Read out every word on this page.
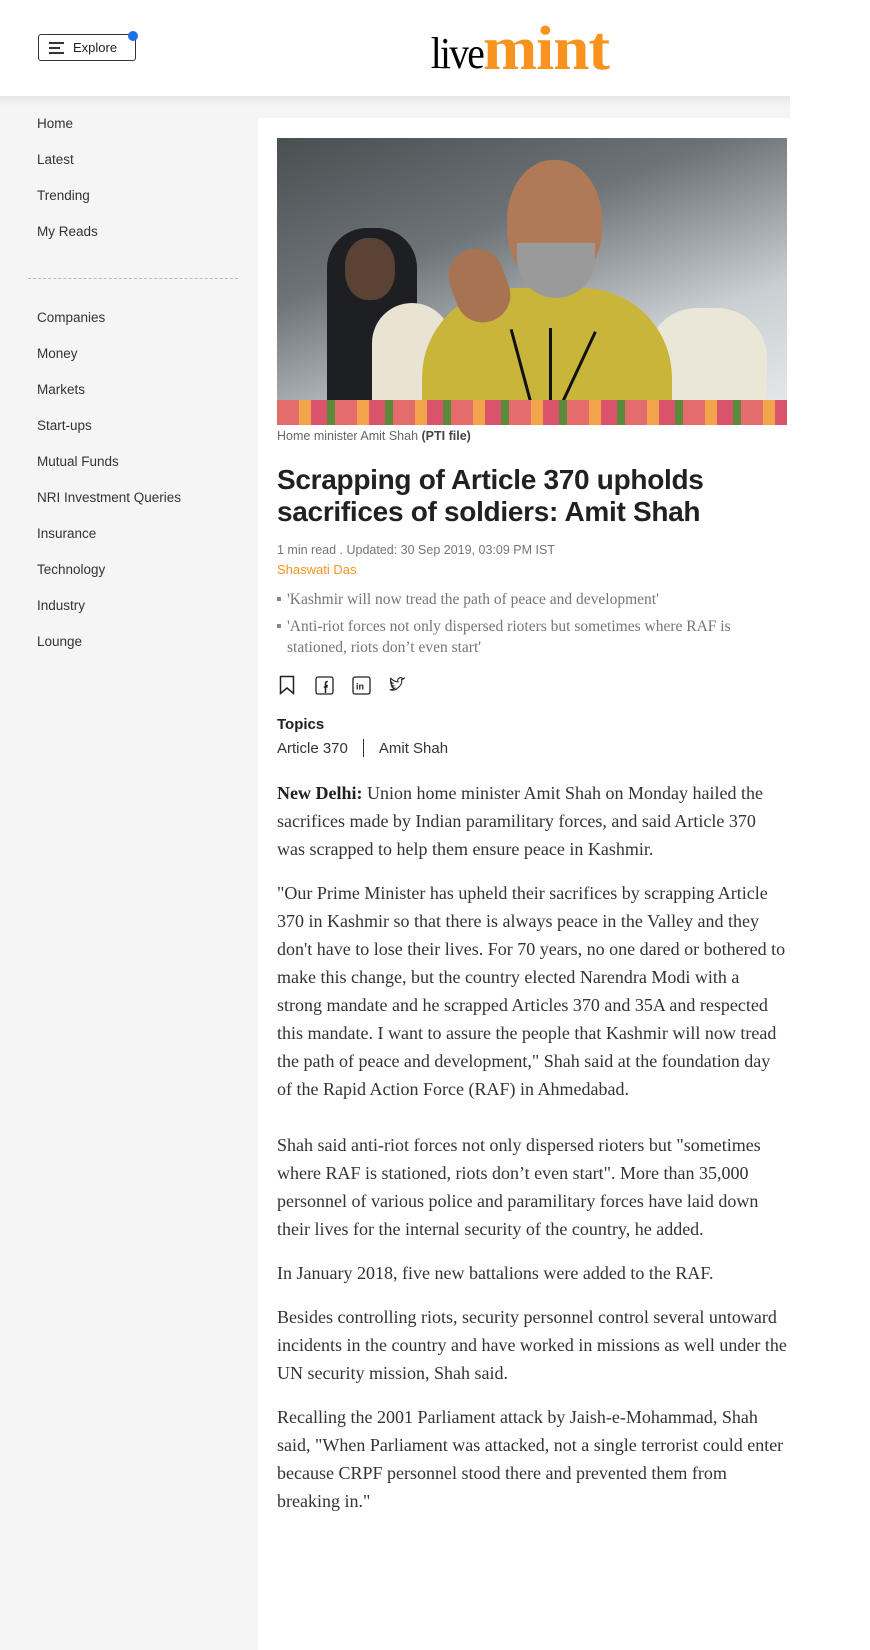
Explore	live mint
Home
Latest
Trending
My Reads
Companies
Money
Markets
Start-ups
Mutual Funds
NRI Investment Queries
Insurance
Technology
Industry
Lounge
Home minister Amit Shah (PTI file)
Scrapping of Article 370 upholds sacrifices of soldiers: Amit Shah
1 min read . Updated: 30 Sep 2019, 03:09 PM IST
Shaswati Das
'Kashmir will now tread the path of peace and development'
'Anti-riot forces not only dispersed rioters but sometimes where RAF is stationed, riots don’t even start'
in
Topics
Article 370 Amit Shah

New Delhi: Union home minister Amit Shah on Monday hailed the sacrifices made by Indian paramilitary forces, and said Article 370 was scrapped to help them ensure peace in Kashmir.

"Our Prime Minister has upheld their sacrifices by scrapping Article 370 in Kashmir so that there is always peace in the Valley and they don't have to lose their lives. For 70 years, no one dared or bothered to make this change, but the country elected Narendra Modi with a strong mandate and he scrapped Articles 370 and 35A and respected this mandate. I want to assure the people that Kashmir will now tread the path of peace and development," Shah said at the foundation day of the Rapid Action Force (RAF) in Ahmedabad.

Shah said anti-riot forces not only dispersed rioters but "sometimes where RAF is stationed, riots don’t even start". More than 35,000 personnel of various police and paramilitary forces have laid down their lives for the internal security of the country, he added.

In January 2018, five new battalions were added to the RAF.

Besides controlling riots, security personnel control several untoward incidents in the country and have worked in missions as well under the UN security mission, Shah said.

Recalling the 2001 Parliament attack by Jaish-e-Mohammad, Shah said, "When Parliament was attacked, not a single terrorist could enter because CRPF personnel stood there and prevented them from breaking in."
